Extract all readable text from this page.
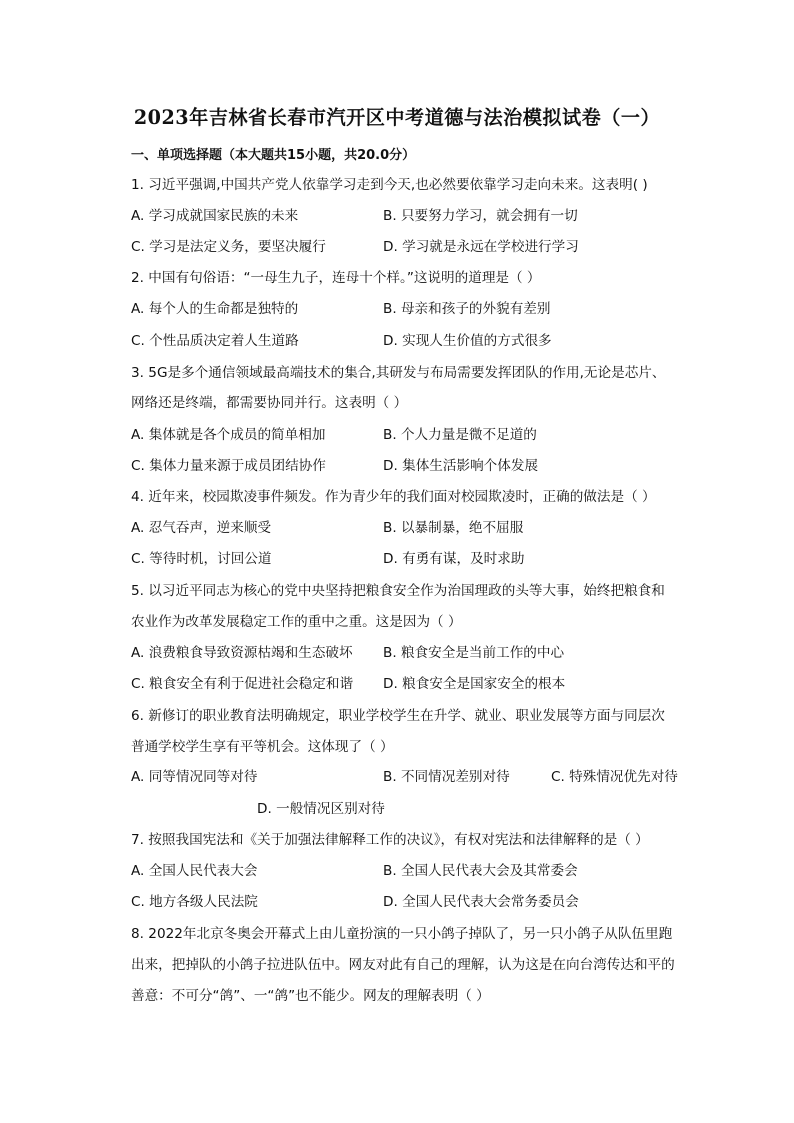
2023年吉林省长春市汽开区中考道德与法治模拟试卷（一）
一、单项选择题（本大题共15小题，共20.0分）
1. 习近平强调,中国共产党人依靠学习走到今天,也必然要依靠学习走向未来。这表明( )
A. 学习成就国家民族的未来	B. 只要努力学习，就会拥有一切
C. 学习是法定义务，要坚决履行	D. 学习就是永远在学校进行学习
2. 中国有句俗语：“一母生九子，连母十个样。”这说明的道理是（ ）
A. 每个人的生命都是独特的	B. 母亲和孩子的外貌有差别
C. 个性品质决定着人生道路	D. 实现人生价值的方式很多
3. 5G是多个通信领域最高端技术的集合,其研发与布局需要发挥团队的作用,无论是芯片、
网络还是终端，都需要协同并行。这表明（ ）
A. 集体就是各个成员的简单相加	B. 个人力量是微不足道的
C. 集体力量来源于成员团结协作	D. 集体生活影响个体发展
4. 近年来，校园欺凌事件频发。作为青少年的我们面对校园欺凌时，正确的做法是（ ）
A. 忍气吞声，逆来顺受	B. 以暴制暴，绝不屈服
C. 等待时机，讨回公道	D. 有勇有谋，及时求助
5. 以习近平同志为核心的党中央坚持把粮食安全作为治国理政的头等大事，始终把粮食和
农业作为改革发展稳定工作的重中之重。这是因为（ ）
A. 浪费粮食导致资源枯竭和生态破坏 B. 粮食安全是当前工作的中心
C. 粮食安全有利于促进社会稳定和谐 D. 粮食安全是国家安全的根本
6. 新修订的职业教育法明确规定，职业学校学生在升学、就业、职业发展等方面与同层次
普通学校学生享有平等机会。这体现了（ ）
A. 同等情况同等对待	B. 不同情况差别对待	C. 特殊情况优先对待
D. 一般情况区别对待
7. 按照我国宪法和《关于加强法律解释工作的决议》，有权对宪法和法律解释的是（ ）
A. 全国人民代表大会	B. 全国人民代表大会及其常委会
C. 地方各级人民法院	D. 全国人民代表大会常务委员会
8. 2022年北京冬奥会开幕式上由儿童扮演的一只小鸽子掉队了，另一只小鸽子从队伍里跑
出来，把掉队的小鸽子拉进队伍中。网友对此有自己的理解，认为这是在向台湾传达和平的
善意：不可分“鸽”、一“鸽”也不能少。网友的理解表明（ ）
